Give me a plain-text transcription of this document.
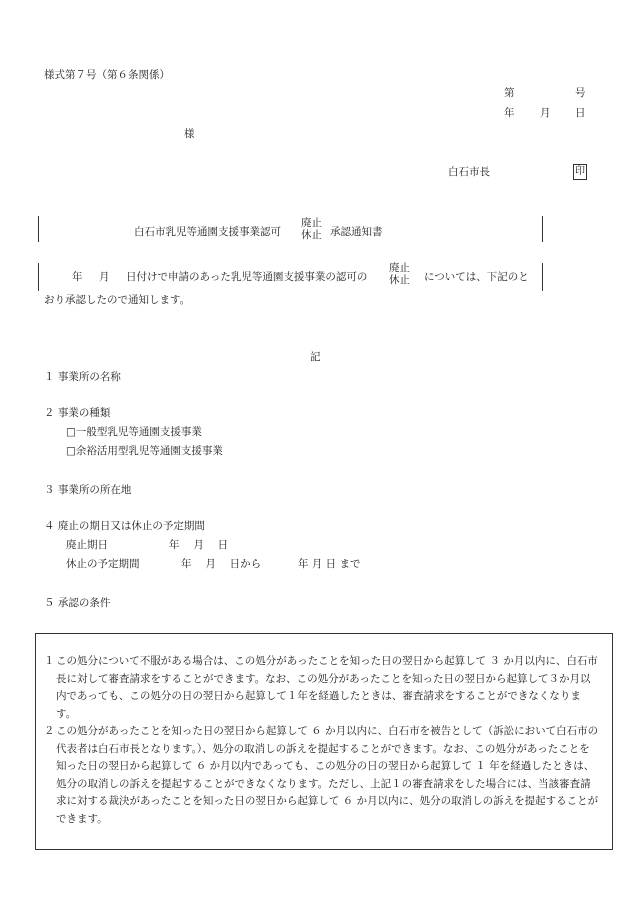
様式第７号（第６条関係）
第	号
年 月 日
様
白石市長	印
白石市乳児等通園支援事業認可
廃止
休止 承認通知書
年 月 日付けで申請のあった乳児等通園支援事業の認可の
廃止
休止 については、下記のと
おり承認したので通知します。
記
１ 事業所の名称
２ 事業の種類
□一般型乳児等通園支援事業
□余裕活用型乳児等通園支援事業
３ 事業所の所在地
４ 廃止の期日又は休止の予定期間
廃止期日	年　 月　 日
休止の予定期間	年　 月　 日から	年 月 日 まで
５ 承認の条件
１ この処分について不服がある場合は、この処分があったことを知った日の翌日から起算して ３ か月以内に、白石市長に対して審査請求をすることができます。なお、この処分があったことを知った日の翌日から起算して３か月以内であっても、この処分の日の翌日から起算して１年を経過したときは、審査請求をすることができなくなります。
２ この処分があったことを知った日の翌日から起算して ６ か月以内に、白石市を被告として（訴訟において白石市の代表者は白石市長となります。）、処分の取消しの訴えを提起することができます。なお、この処分があったことを知った日の翌日から起算して ６ か月以内であっても、この処分の日の翌日から起算して １ 年を経過したときは、処分の取消しの訴えを提起することができなくなります。ただし、上記１の審査請求をした場合には、当該審査請求に対する裁決があったことを知った日の翌日から起算して ６ か月以内に、処分の取消しの訴えを提起することができます。
